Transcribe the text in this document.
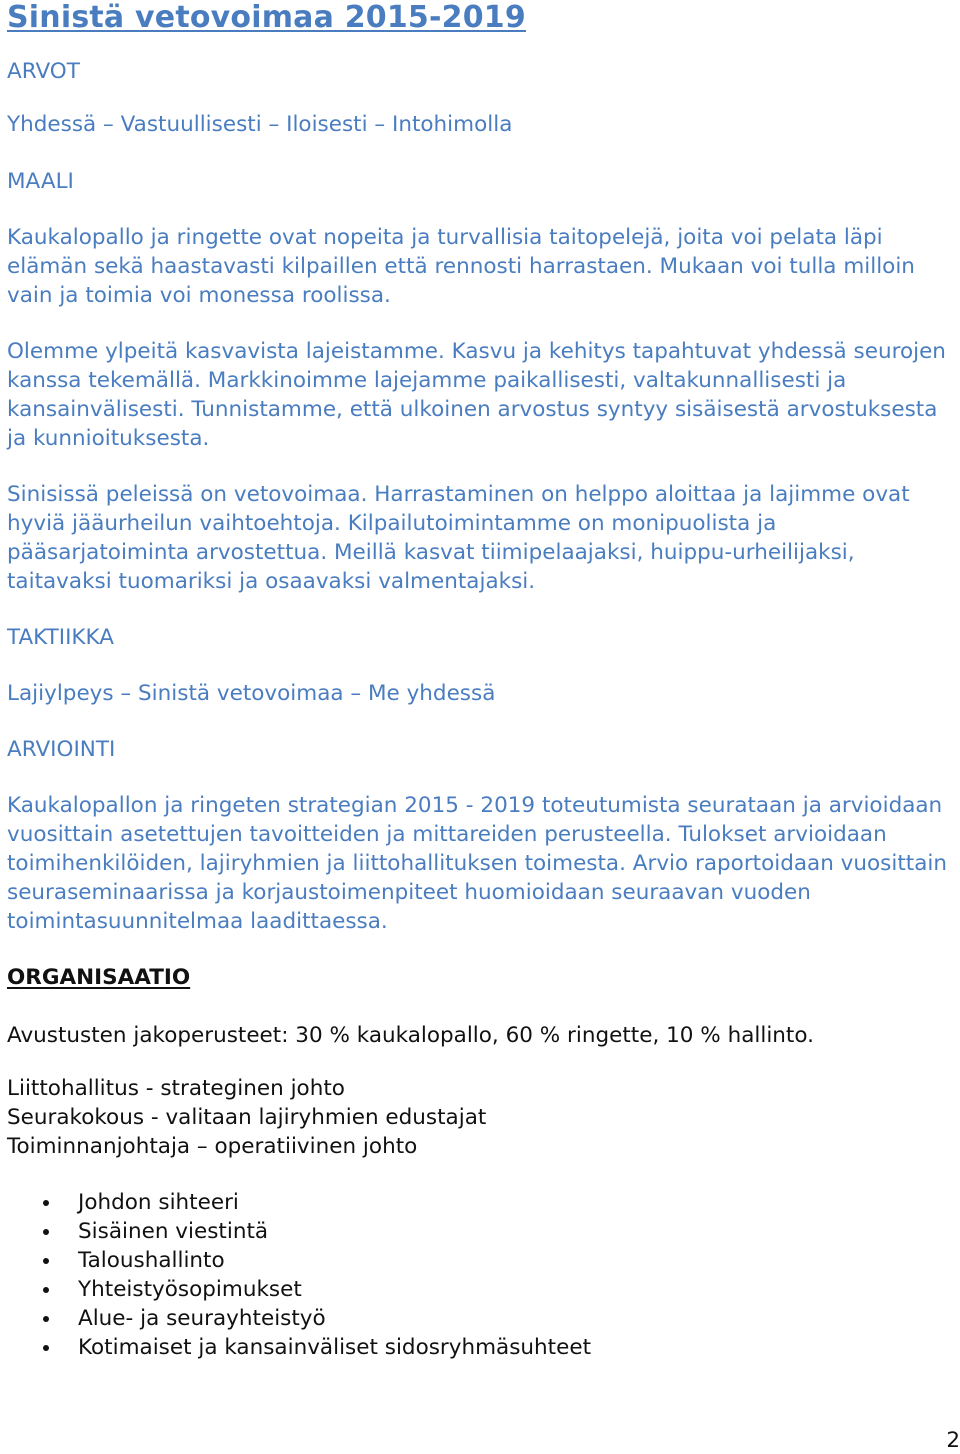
Sinistä vetovoimaa 2015-2019

ARVOT

Yhdessä – Vastuullisesti – Iloisesti – Intohimolla

MAALI

Kaukalopallo ja ringette ovat nopeita ja turvallisia taitopelejä, joita voi pelata läpi elämän sekä haastavasti kilpaillen että rennosti harrastaen. Mukaan voi tulla milloin vain ja toimia voi monessa roolissa.

Olemme ylpeitä kasvavista lajeistamme. Kasvu ja kehitys tapahtuvat yhdessä seurojen kanssa tekemällä. Markkinoimme lajejamme paikallisesti, valtakunnallisesti ja kansainvälisesti. Tunnistamme, että ulkoinen arvostus syntyy sisäisestä arvostuksesta ja kunnioituksesta.

Sinisissä peleissä on vetovoimaa. Harrastaminen on helppo aloittaa ja lajimme ovat hyviä jääurheilun vaihtoehtoja. Kilpailutoimintamme on monipuolista ja pääsarjatoiminta arvostettua. Meillä kasvat tiimipelaajaksi, huippu-urheilijaksi, taitavaksi tuomariksi ja osaavaksi valmentajaksi.

TAKTIIKKA

Lajiylpeys – Sinistä vetovoimaa – Me yhdessä

ARVIOINTI

Kaukalopallon ja ringeten strategian 2015 - 2019 toteutumista seurataan ja arvioidaan vuosittain asetettujen tavoitteiden ja mittareiden perusteella. Tulokset arvioidaan toimihenkilöiden, lajiryhmien ja liittohallituksen toimesta. Arvio raportoidaan vuosittain seuraseminaarissa ja korjaustoimenpiteet huomioidaan seuraavan vuoden toimintasuunnitelmaa laadittaessa.

ORGANISAATIO

Avustusten jakoperusteet: 30 % kaukalopallo, 60 % ringette, 10 % hallinto.

Liittohallitus - strateginen johto

Seurakokous - valitaan lajiryhmien edustajat

Toiminnanjohtaja – operatiivinen johto

Johdon sihteeri
Sisäinen viestintä
Taloushallinto
Yhteistyösopimukset
Alue- ja seurayhteistyö
Kotimaiset ja kansainväliset sidosryhmäsuhteet
2
